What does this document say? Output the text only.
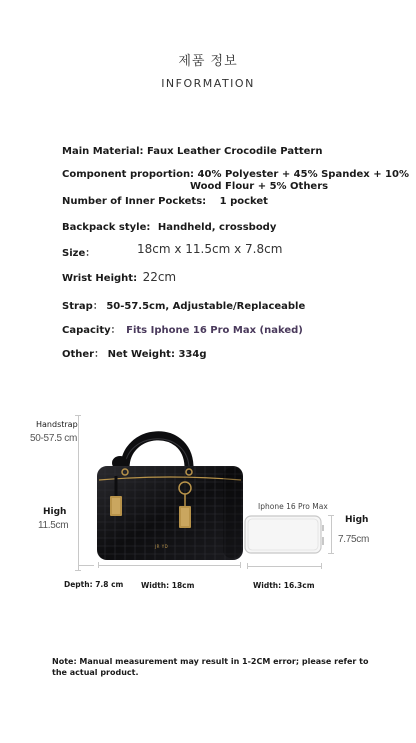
제품 정보
INFORMATION
Main Material: Faux Leather Crocodile Pattern
Component proportion: 40% Polyester + 45% Spandex + 10%
Wood Flour + 5% Others
Number of Inner Pockets: 1 pocket
Backpack style: Handheld, crossbody
Size：	18cm x 11.5cm x 7.8cm
Wrist Height: 22cm
Strap： 50-57.5cm, Adjustable/Replaceable
Capacity： Fits Iphone 16 Pro Max (naked)
Other： Net Weight: 334g
Handstrap
50-57.5 cm
High
11.5cm
Depth: 7.8 cm Width: 18cm
JR YD
Iphone 16 Pro Max
High
7.75cm
Width: 16.3cm
Note: Manual measurement may result in 1-2CM error; please refer to the actual product.
